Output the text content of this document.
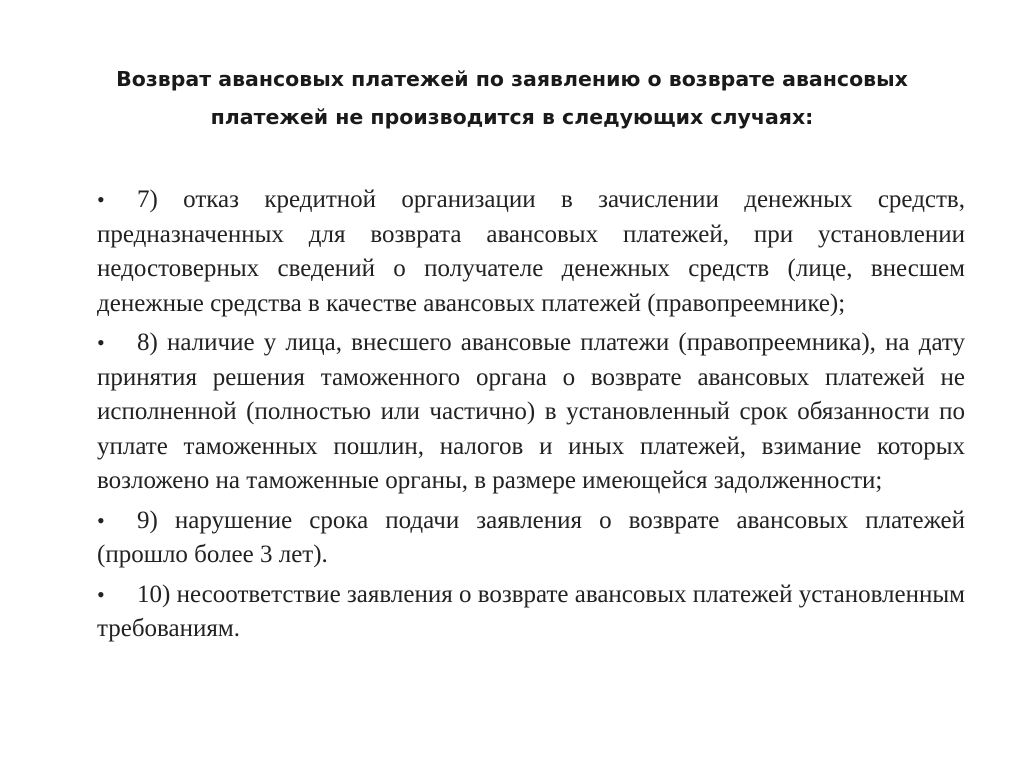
Возврат авансовых платежей по заявлению о возврате авансовых платежей не производится в следующих случаях:
• 7) отказ кредитной организации в зачислении денежных средств, предназначенных для возврата авансовых платежей, при установлении недостоверных сведений о получателе денежных средств (лице, внесшем денежные средства в качестве авансовых платежей (правопреемнике);
• 8) наличие у лица, внесшего авансовые платежи (правопреемника), на дату принятия решения таможенного органа о возврате авансовых платежей не исполненной (полностью или частично) в установленный срок обязанности по уплате таможенных пошлин, налогов и иных платежей, взимание которых возложено на таможенные органы, в размере имеющейся задолженности;
• 9) нарушение срока подачи заявления о возврате авансовых платежей (прошло более 3 лет).
• 10) несоответствие заявления о возврате авансовых платежей установленным требованиям.
